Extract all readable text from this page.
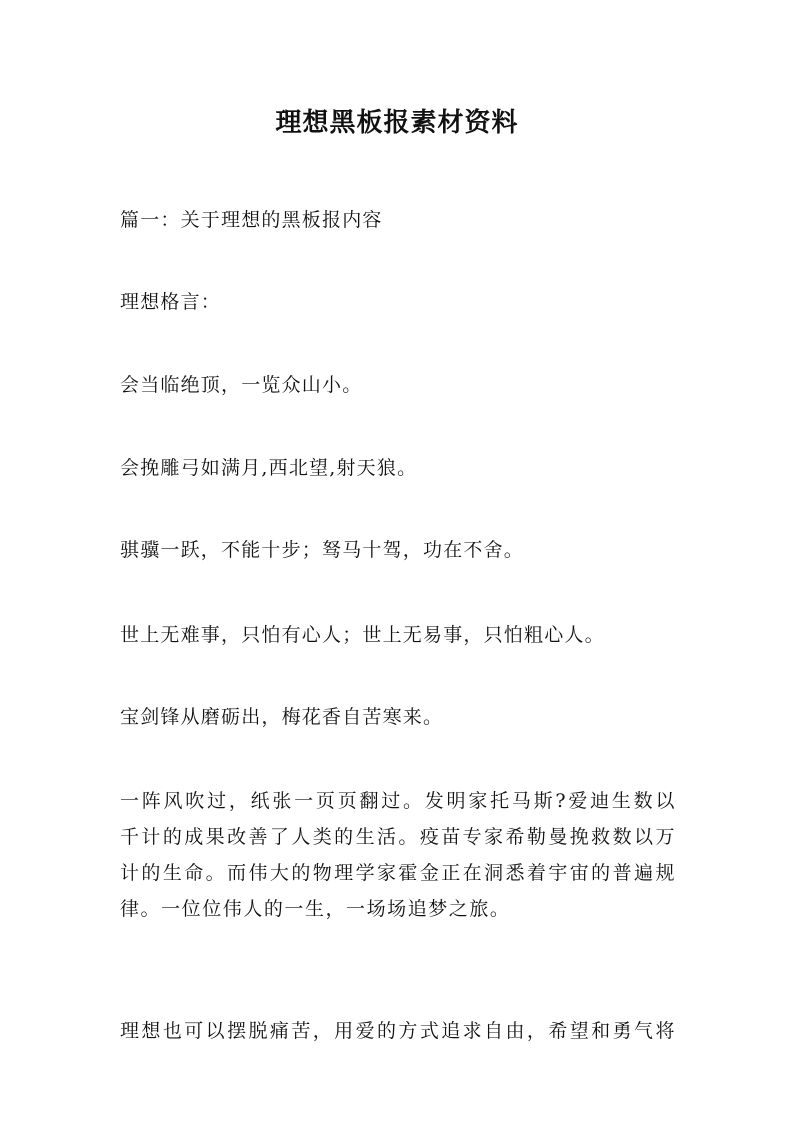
理想黑板报素材资料
篇一：关于理想的黑板报内容
理想格言：
会当临绝顶，一览众山小。
会挽雕弓如满月,西北望,射天狼。
骐骥一跃，不能十步；驽马十驾，功在不舍。
世上无难事，只怕有心人；世上无易事，只怕粗心人。
宝剑锋从磨砺出，梅花香自苦寒来。
一阵风吹过，纸张一页页翻过。发明家托马斯?爱迪生数以
千计的成果改善了人类的生活。疫苗专家希勒曼挽救数以万
计的生命。而伟大的物理学家霍金正在洞悉着宇宙的普遍规
律。一位位伟人的一生，一场场追梦之旅。
理想也可以摆脱痛苦，用爱的方式追求自由，希望和勇气将
